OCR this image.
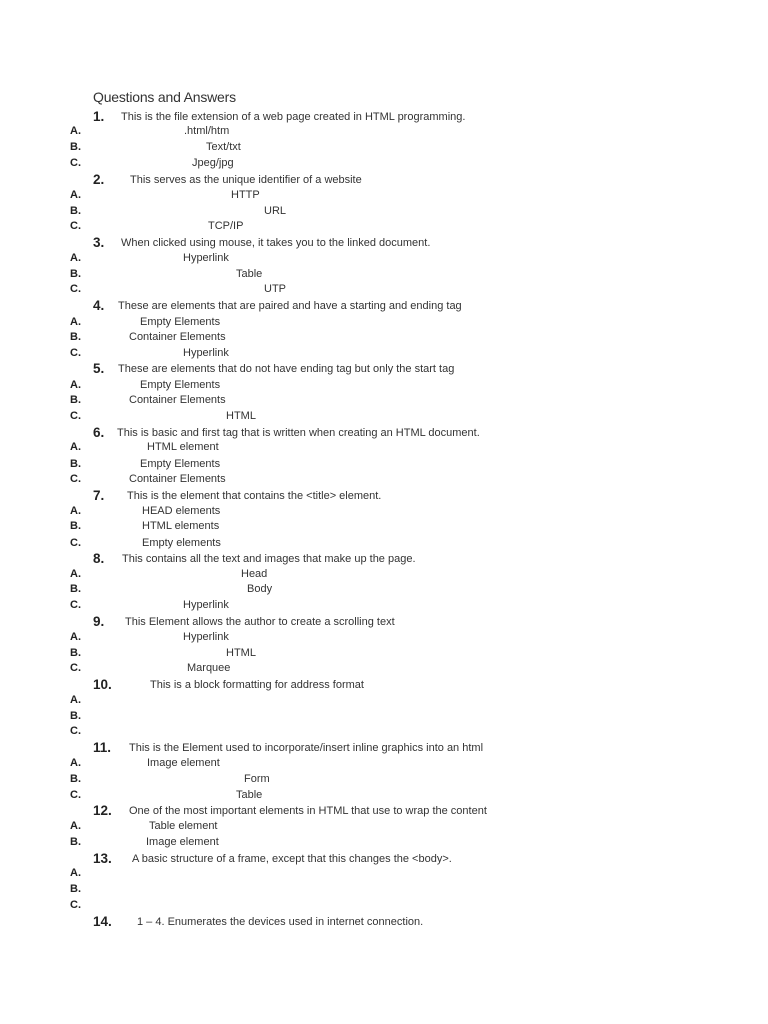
Questions and Answers
1. This is the file extension of a web page created in HTML programming.
A.	.html/htm
B.	Text/txt
C.	Jpeg/jpg
2. This serves as the unique identifier of a website
A.	HTTP
B.	URL
C.	TCP/IP
3. When clicked using mouse, it takes you to the linked document.
A.	Hyperlink
B.	Table
C.	UTP
4. These are elements that are paired and have a starting and ending tag
A.	Empty Elements
B.	Container Elements
C.	Hyperlink
5. These are elements that do not have ending tag but only the start tag
A.	Empty Elements
B.	Container Elements
C.	HTML
6. This is basic and first tag that is written when creating an HTML document.
A.	HTML element
B.	Empty Elements
C.	Container Elements
7. This is the element that contains the <title> element.
A.	HEAD elements
B.	HTML elements
C.	Empty elements
8. This contains all the text and images that make up the page.
A.	Head
B.	Body
C.	Hyperlink
9. This Element allows the author to create a scrolling text
A.	Hyperlink
B.	HTML
C.	Marquee
10.	This is a block formatting for address format
A.
B.
C.
11. This is the Element used to incorporate/insert inline graphics into an html
A.	Image element
B.	Form
C.	Table
12. One of the most important elements in HTML that use to wrap the content
A.	Table element
B.	Image element
13. A basic structure of a frame, except that this changes the <body>.
A.
B.
C.
14. 1 – 4. Enumerates the devices used in internet connection.
